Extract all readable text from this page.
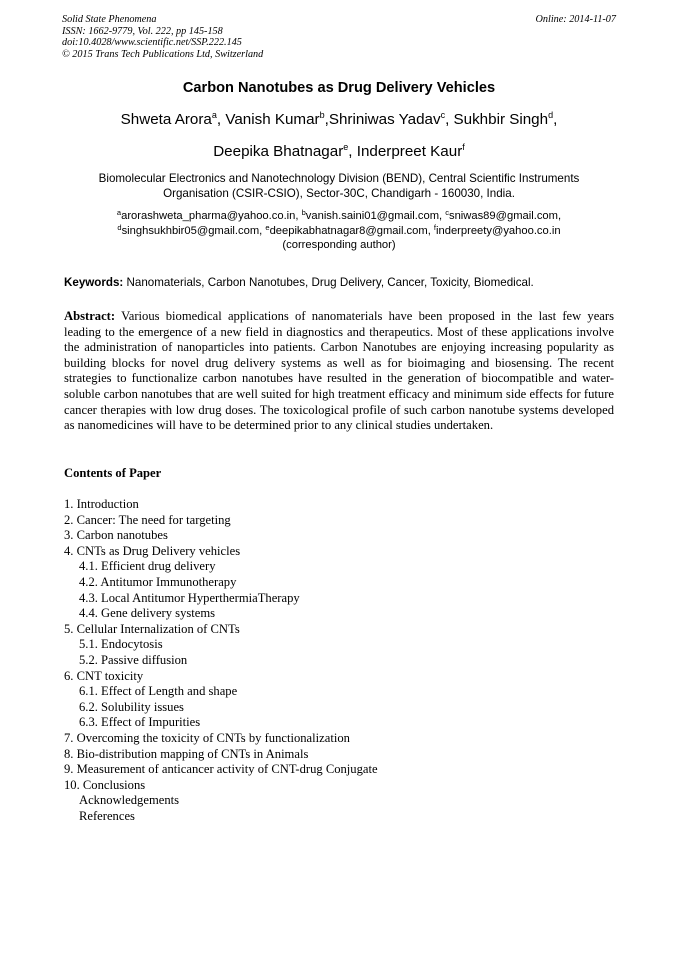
Solid State Phenomena
ISSN: 1662-9779, Vol. 222, pp 145-158
doi:10.4028/www.scientific.net/SSP.222.145
© 2015 Trans Tech Publications Ltd, Switzerland
Online: 2014-11-07
Carbon Nanotubes as Drug Delivery Vehicles
Shweta Arora$^a$, Vanish Kumar$^b$,Shriniwas Yadav$^c$, Sukhbir Singh$^d$,
Deepika Bhatnagar$^e$, Inderpreet Kaur$^f$
Biomolecular Electronics and Nanotechnology Division (BEND), Central Scientific Instruments
Organisation (CSIR-CSIO), Sector-30C, Chandigarh - 160030, India.
$^a$arorashweta_pharma@yahoo.co.in, $^b$vanish.saini01@gmail.com, $^c$sniwas89@gmail.com,
$^d$singhsukhbir05@gmail.com, $^e$deepikabhatnagar8@gmail.com, $^f$inderpreety@yahoo.co.in
(corresponding author)
Keywords: Nanomaterials, Carbon Nanotubes, Drug Delivery, Cancer, Toxicity, Biomedical.
Abstract: Various biomedical applications of nanomaterials have been proposed in the last few years leading to the emergence of a new field in diagnostics and therapeutics. Most of these applications involve the administration of nanoparticles into patients. Carbon Nanotubes are enjoying increasing popularity as building blocks for novel drug delivery systems as well as for bioimaging and biosensing. The recent strategies to functionalize carbon nanotubes have resulted in the generation of biocompatible and water-soluble carbon nanotubes that are well suited for high treatment efficacy and minimum side effects for future cancer therapies with low drug doses. The toxicological profile of such carbon nanotube systems developed as nanomedicines will have to be determined prior to any clinical studies undertaken.
Contents of Paper
1. Introduction
2. Cancer: The need for targeting
3. Carbon nanotubes
4. CNTs as Drug Delivery vehicles
4.1. Efficient drug delivery
4.2. Antitumor Immunotherapy
4.3. Local Antitumor HyperthermiaTherapy
4.4. Gene delivery systems
5. Cellular Internalization of CNTs
5.1. Endocytosis
5.2. Passive diffusion
6. CNT toxicity
6.1. Effect of Length and shape
6.2. Solubility issues
6.3. Effect of Impurities
7. Overcoming the toxicity of CNTs by functionalization
8. Bio-distribution mapping of CNTs in Animals
9. Measurement of anticancer activity of CNT-drug Conjugate
10. Conclusions
Acknowledgements
References
